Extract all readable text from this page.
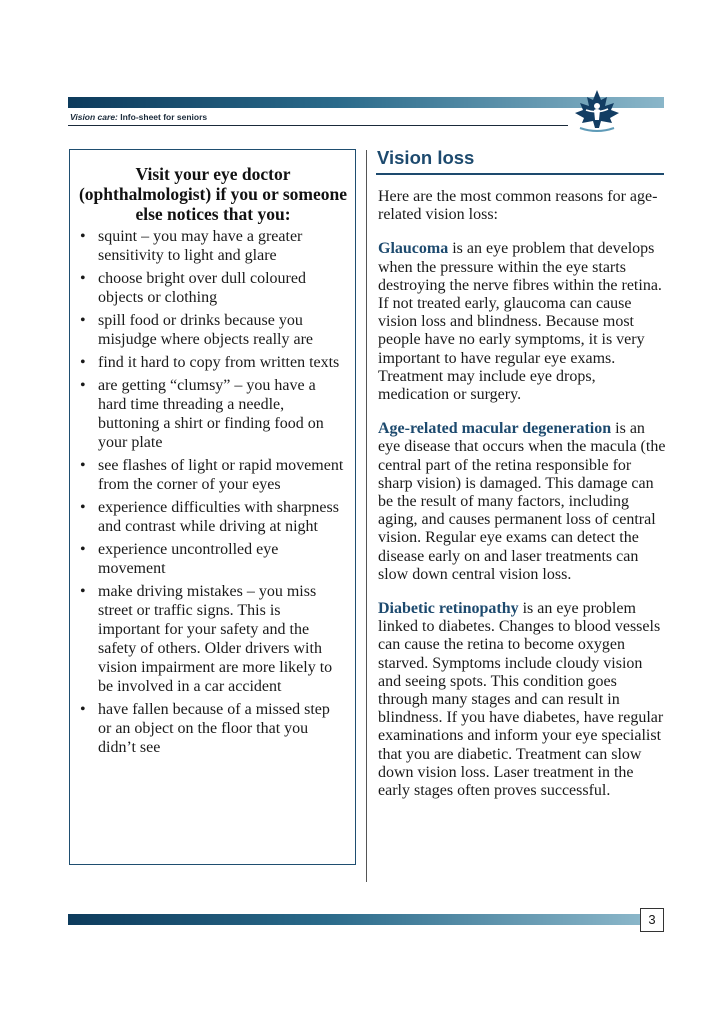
Vision care: Info-sheet for seniors
Visit your eye doctor (ophthalmologist) if you or someone else notices that you:
• squint – you may have a greater sensitivity to light and glare
• choose bright over dull coloured objects or clothing
• spill food or drinks because you misjudge where objects really are
• find it hard to copy from written texts
• are getting “clumsy” – you have a hard time threading a needle, buttoning a shirt or finding food on your plate
• see flashes of light or rapid movement from the corner of your eyes
• experience difficulties with sharpness and contrast while driving at night
• experience uncontrolled eye movement
• make driving mistakes – you miss street or traffic signs. This is important for your safety and the safety of others. Older drivers with vision impairment are more likely to be involved in a car accident
• have fallen because of a missed step or an object on the floor that you didn’t see
Vision loss

Here are the most common reasons for age-related vision loss:

Glaucoma is an eye problem that develops when the pressure within the eye starts destroying the nerve fibres within the retina. If not treated early, glaucoma can cause vision loss and blindness. Because most people have no early symptoms, it is very important to have regular eye exams. Treatment may include eye drops, medication or surgery.

Age-related macular degeneration is an eye disease that occurs when the macula (the central part of the retina responsible for sharp vision) is damaged. This damage can be the result of many factors, including aging, and causes permanent loss of central vision. Regular eye exams can detect the disease early on and laser treatments can slow down central vision loss.

Diabetic retinopathy is an eye problem linked to diabetes. Changes to blood vessels can cause the retina to become oxygen starved. Symptoms include cloudy vision and seeing spots. This condition goes through many stages and can result in blindness. If you have diabetes, have regular examinations and inform your eye specialist that you are diabetic. Treatment can slow down vision loss. Laser treatment in the early stages often proves successful.

3
